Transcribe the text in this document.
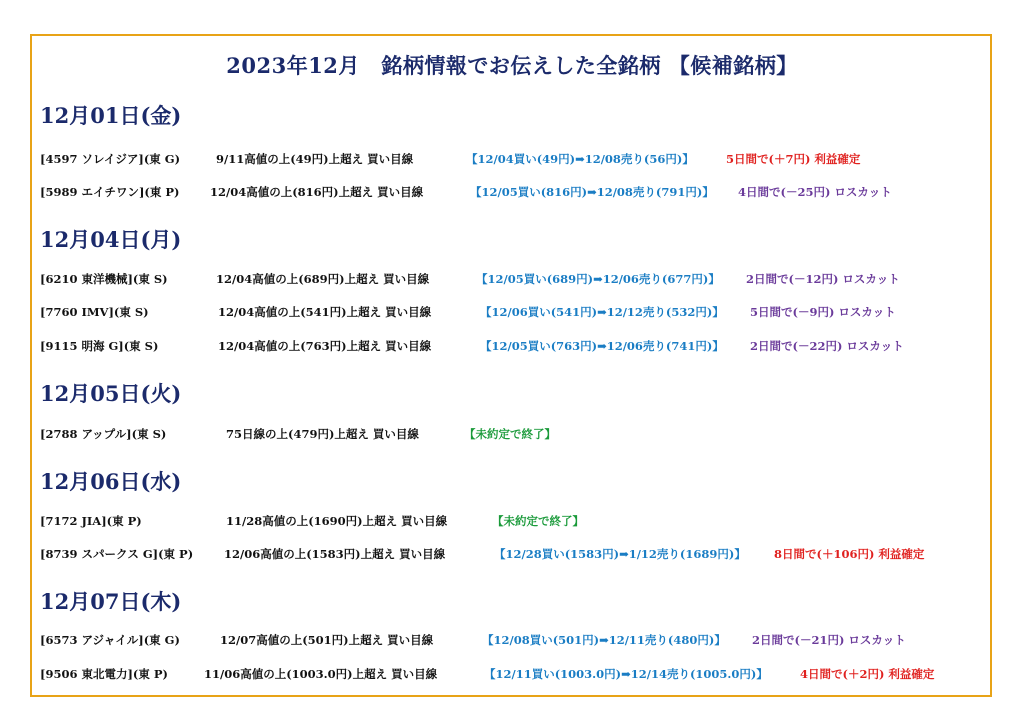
2023年12月　銘柄情報でお伝えした全銘柄 【候補銘柄】
12月01日(金)
[4597 ソレイジア](東 G)	9/11高値の上(49円)上超え 買い目線	【12/04買い(49円)➡12/08売り(56円)】	5日間で(＋7円) 利益確定
[5989 エイチワン](東 P)	12/04高値の上(816円)上超え 買い目線	【12/05買い(816円)➡12/08売り(791円)】 4日間で(－25円) ロスカット
12月04日(月)
[6210 東洋機械](東 S)	12/04高値の上(689円)上超え 買い目線	【12/05買い(689円)➡12/06売り(677円)】 2日間で(－12円) ロスカット
[7760 IMV](東 S)	12/04高値の上(541円)上超え 買い目線	【12/06買い(541円)➡12/12売り(532円)】 5日間で(－9円) ロスカット
[9115 明海 G](東 S)	12/04高値の上(763円)上超え 買い目線	【12/05買い(763円)➡12/06売り(741円)】 2日間で(－22円) ロスカット
12月05日(火)
[2788 アップル](東 S)	75日線の上(479円)上超え 買い目線	【未約定で終了】
12月06日(水)
[7172 JIA](東 P)	11/28高値の上(1690円)上超え 買い目線	【未約定で終了】
[8739 スパークス G](東 P)	12/06高値の上(1583円)上超え 買い目線	【12/28買い(1583円)➡1/12売り(1689円)】 8日間で(＋106円) 利益確定
12月07日(木)
[6573 アジャイル](東 G)	12/07高値の上(501円)上超え 買い目線	【12/08買い(501円)➡12/11売り(480円)】 2日間で(－21円) ロスカット
[9506 東北電力](東 P)	11/06高値の上(1003.0円)上超え 買い目線	【12/11買い(1003.0円)➡12/14売り(1005.0円)】	4日間で(＋2円) 利益確定
